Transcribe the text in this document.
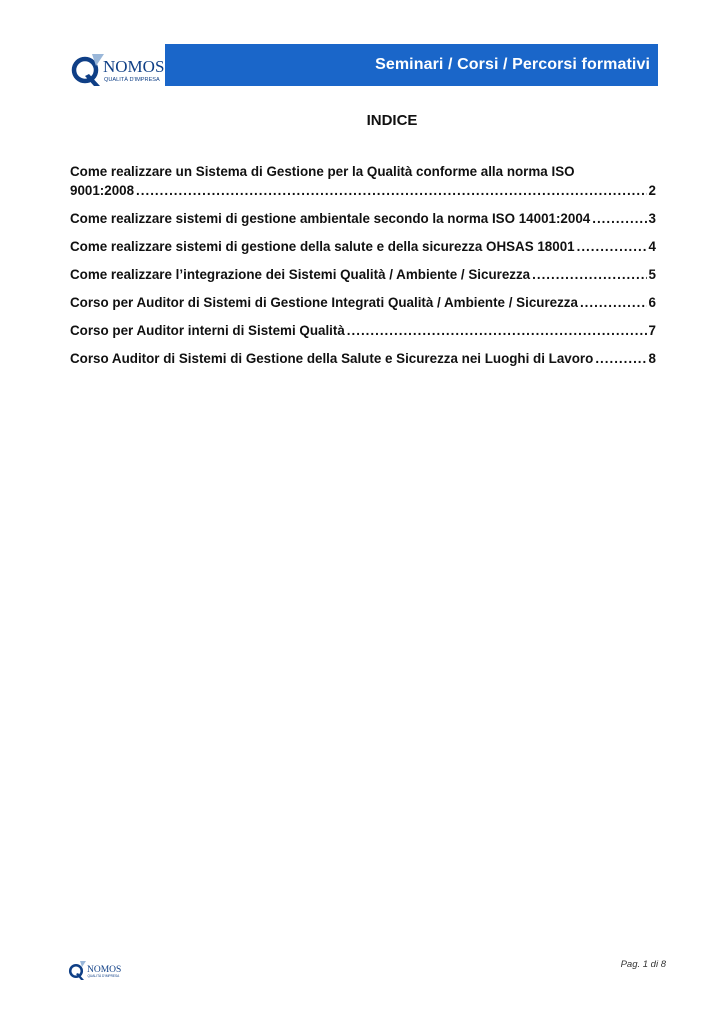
NOMOS
QUALITÀ D'IMPRESA
Seminari / Corsi / Percorsi formativi
INDICE
Come realizzare un Sistema di Gestione per la Qualità conforme alla norma ISO
9001:2008 .....	2
Come realizzare sistemi di gestione ambientale secondo la norma ISO 14001:2004 .....	3
Come realizzare sistemi di gestione della salute e della sicurezza OHSAS 18001 .....	4
Come realizzare l’integrazione dei Sistemi Qualità / Ambiente / Sicurezza .....	5
Corso per Auditor di Sistemi di Gestione Integrati Qualità / Ambiente / Sicurezza .....	6
Corso per Auditor interni di Sistemi Qualità .....	7
Corso Auditor di Sistemi di Gestione della Salute e Sicurezza nei Luoghi di Lavoro .....	8
NOMOS
QUALITÀ D'IMPRESA
Pag. 1 di 8
